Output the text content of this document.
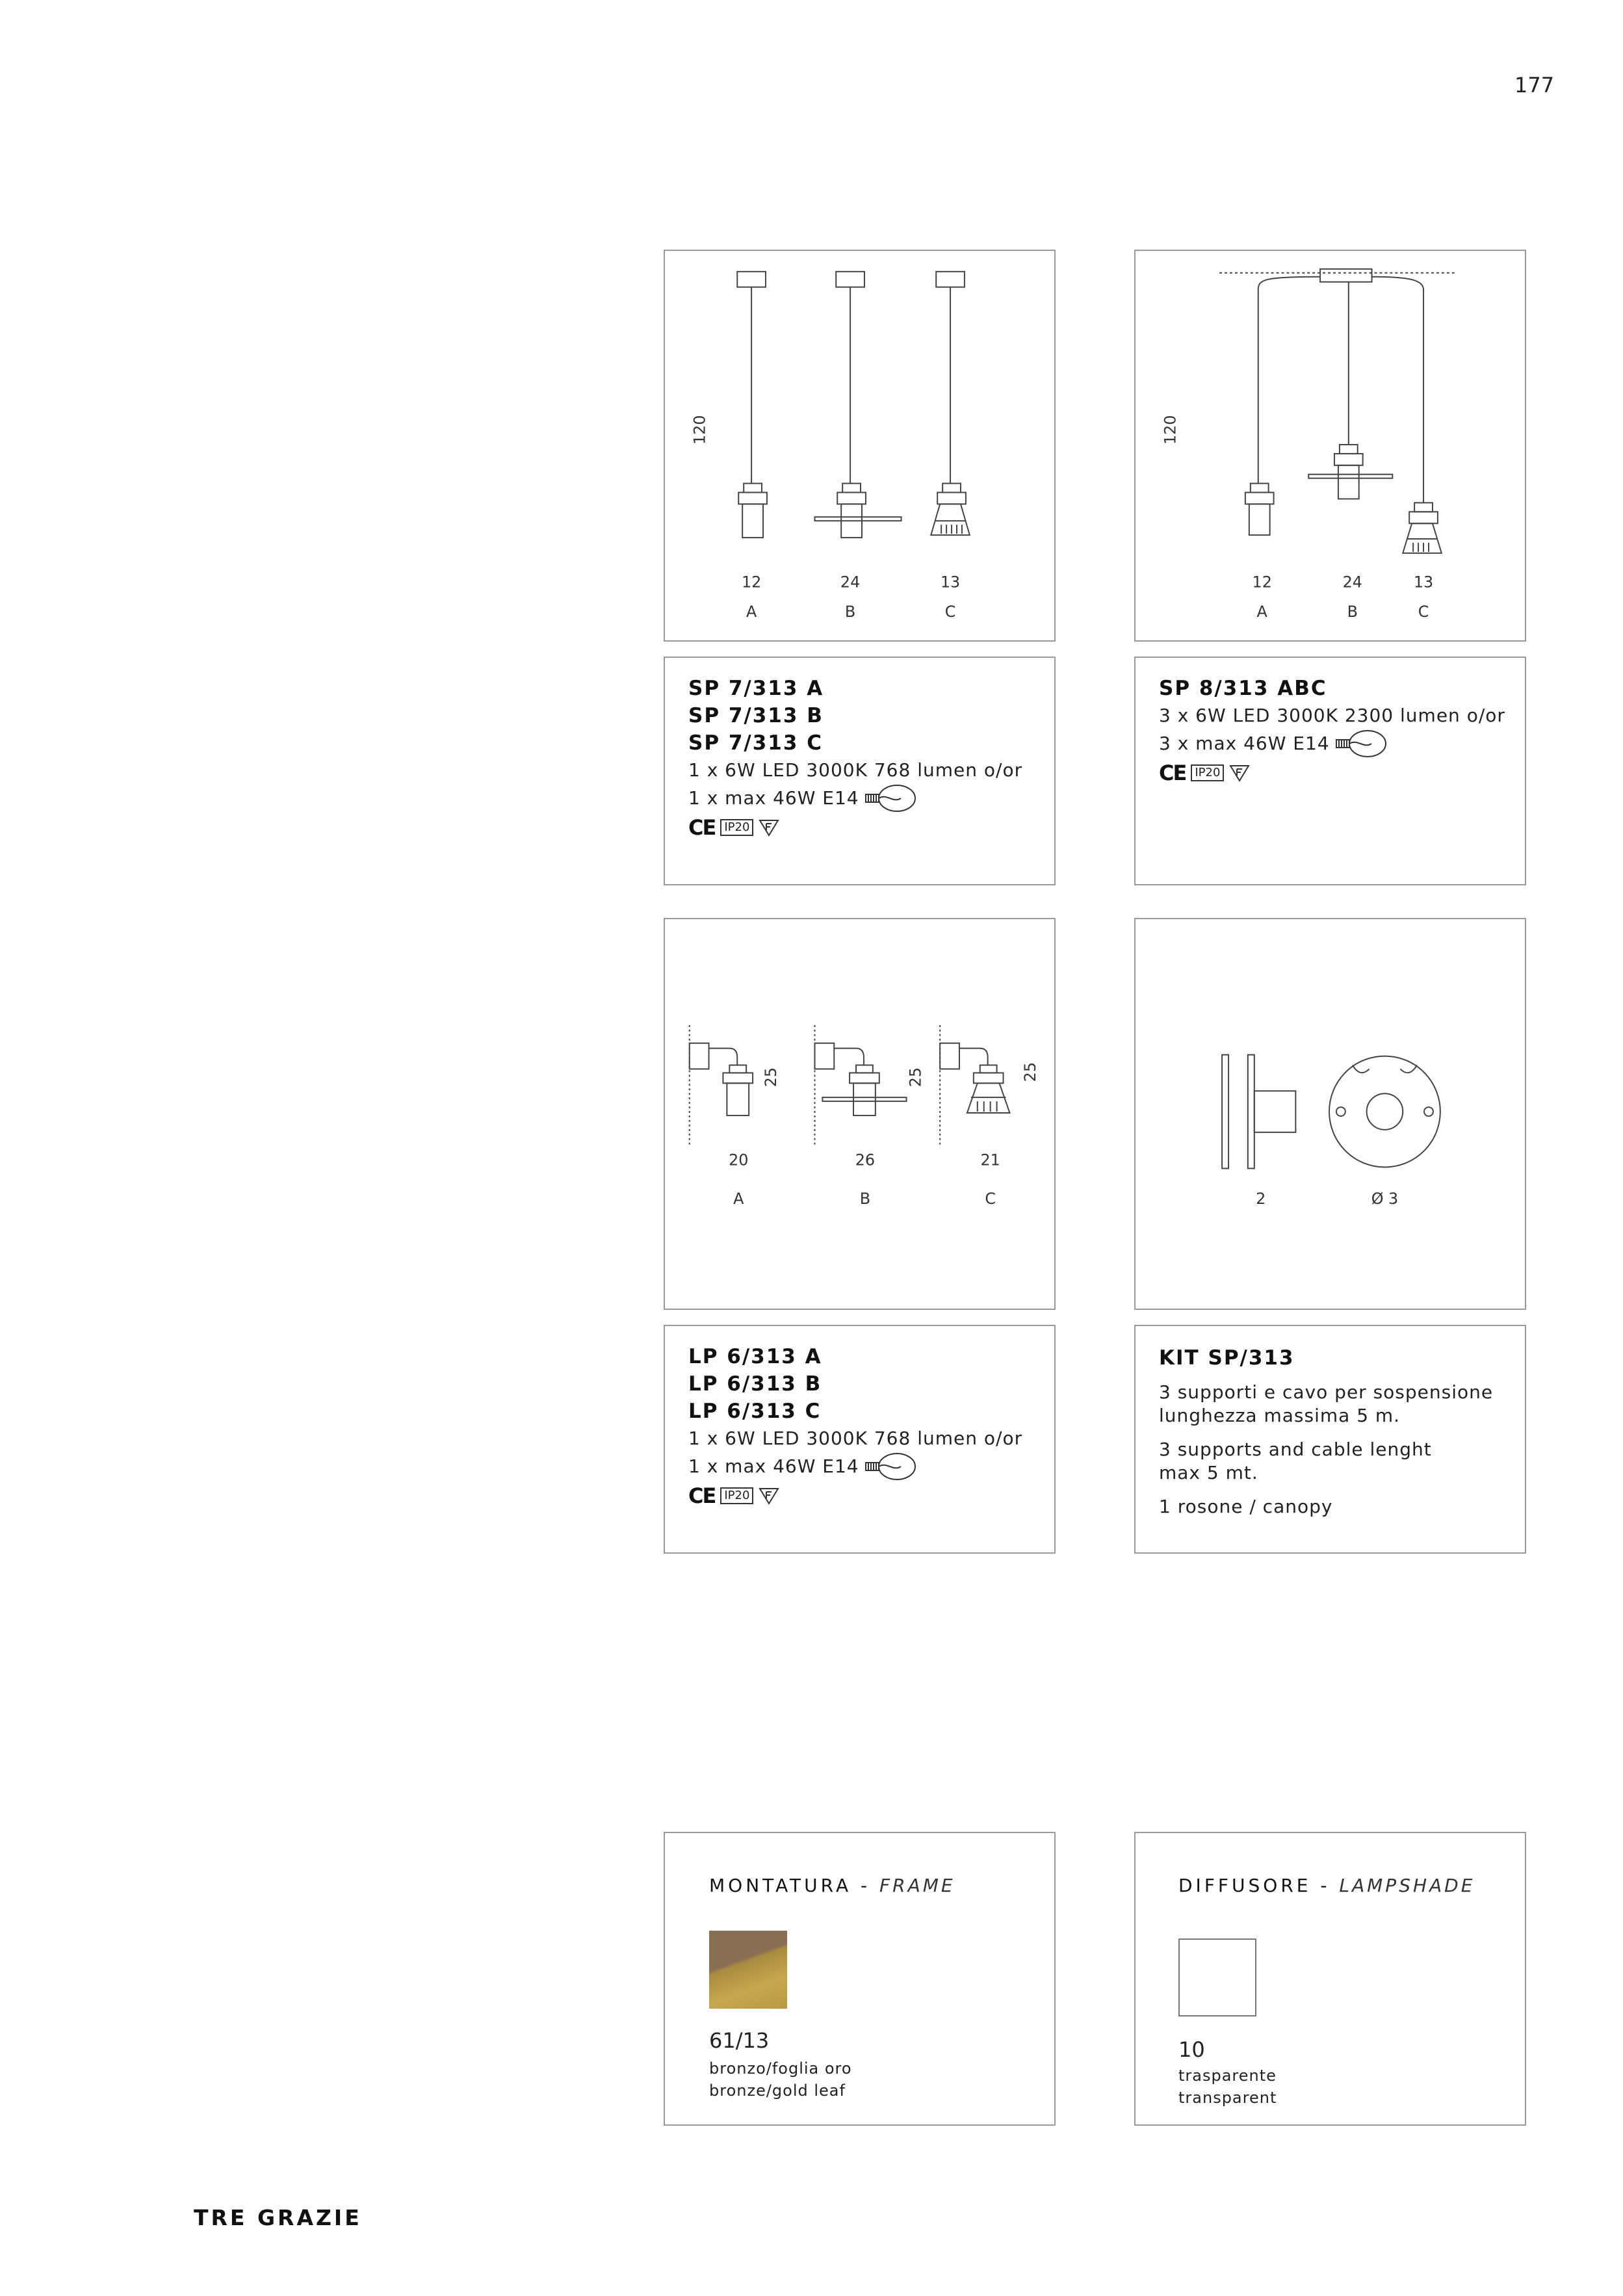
177
120
12	24	13
A	B	C
120
12	24	13
A	B	C
SP 7/313 A
SP 7/313 B
SP 7/313 C
1 x 6W LED 3000K 768 lumen o/or
1 x max 46W E14
CE IP20
SP 8/313 ABC
3 x 6W LED 3000K 2300 lumen o/or
3 x max 46W E14
CE IP20
25	25	25
20	26	21
A	B	C	2	Ø 3
LP 6/313 A
LP 6/313 B
LP 6/313 C
1 x 6W LED 3000K 768 lumen o/or
1 x max 46W E14
CE IP20
KIT SP/313
3 supporti e cavo per sospensione
lunghezza massima 5 m.
3 supports and cable lenght
max 5 mt.
1 rosone / canopy
MONTATURA - FRAME
61/13
bronzo/foglia oro
bronze/gold leaf
DIFFUSORE - LAMPSHADE
10
trasparente
transparent
TRE GRAZIE
